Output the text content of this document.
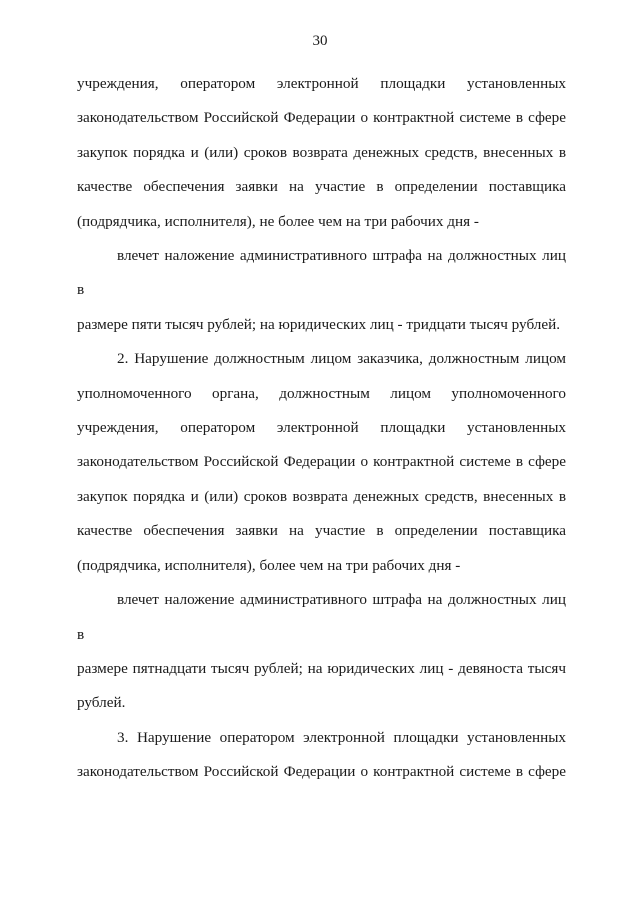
30

учреждения, оператором электронной площадки установленных

законодательством Российской Федерации о контрактной системе в сфере

закупок порядка и (или) сроков возврата денежных средств, внесенных в

качестве обеспечения заявки на участие в определении поставщика

(подрядчика, исполнителя), не более чем на три рабочих дня -

влечет наложение административного штрафа на должностных лиц в

размере пяти тысяч рублей; на юридических лиц - тридцати тысяч рублей.

2. Нарушение должностным лицом заказчика, должностным лицом

уполномоченного органа, должностным лицом уполномоченного

учреждения, оператором электронной площадки установленных

законодательством Российской Федерации о контрактной системе в сфере

закупок порядка и (или) сроков возврата денежных средств, внесенных в

качестве обеспечения заявки на участие в определении поставщика

(подрядчика, исполнителя), более чем на три рабочих дня -

влечет наложение административного штрафа на должностных лиц в

размере пятнадцати тысяч рублей; на юридических лиц - девяноста тысяч

рублей.

3. Нарушение оператором электронной площадки установленных

законодательством Российской Федерации о контрактной системе в сфере
